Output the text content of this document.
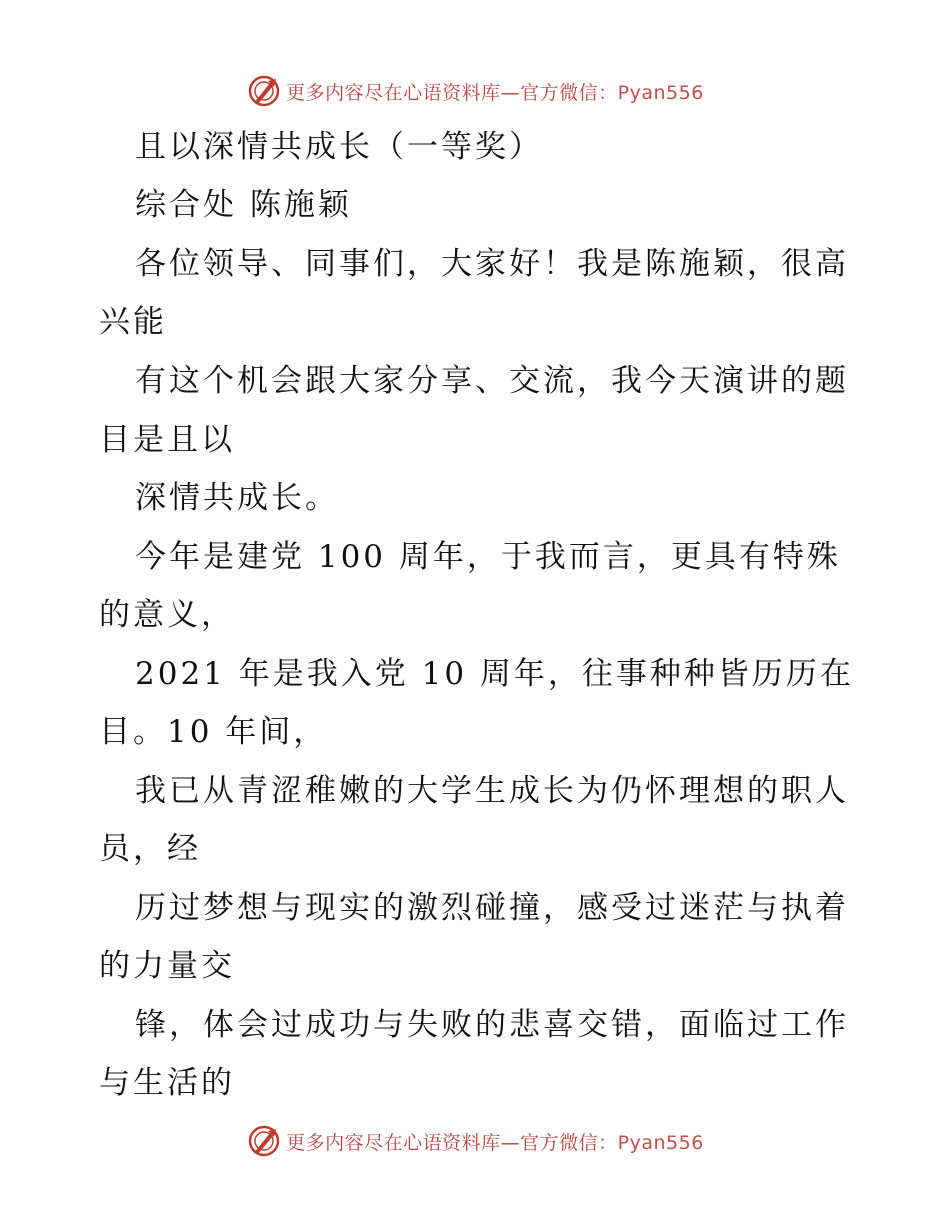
更多内容尽在心语资料库—官方微信：Pyan556
且以深情共成长（一等奖）
综合处 陈施颖
各位领导、同事们，大家好！我是陈施颖，很高
兴能
有这个机会跟大家分享、交流，我今天演讲的题
目是且以
深情共成长。
今年是建党 100 周年，于我而言，更具有特殊
的意义，
2021 年是我入党 10 周年，往事种种皆历历在
目。10 年间，
我已从青涩稚嫩的大学生成长为仍怀理想的职人
员，经
历过梦想与现实的激烈碰撞，感受过迷茫与执着
的力量交
锋，体会过成功与失败的悲喜交错，面临过工作
与生活的
更多内容尽在心语资料库—官方微信：Pyan556
